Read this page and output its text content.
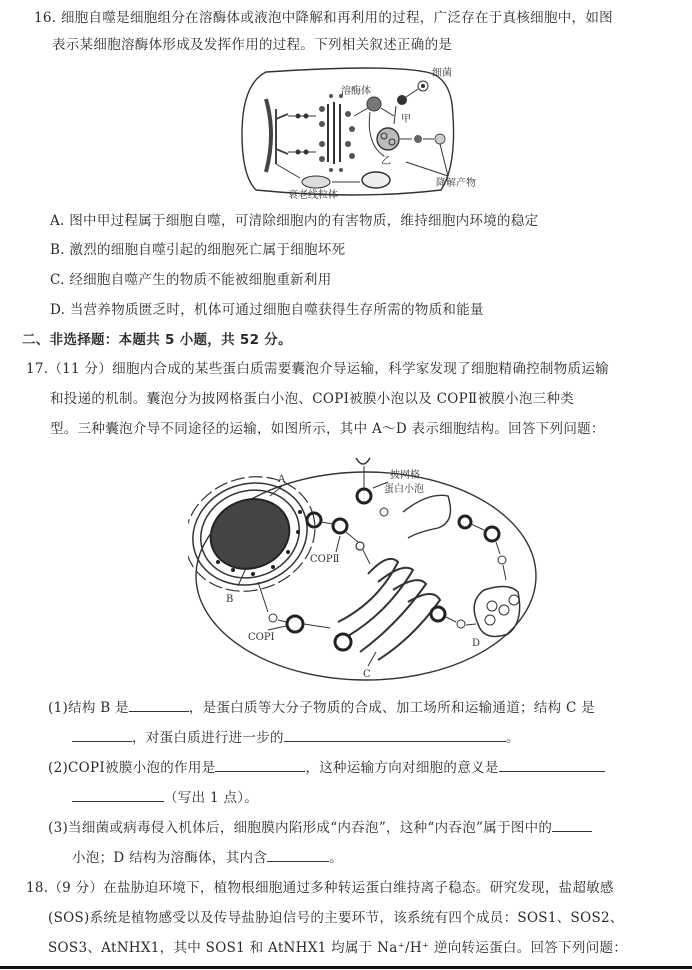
16. 细胞自噬是细胞组分在溶酶体或液泡中降解和再利用的过程，广泛存在于真核细胞中，如图
表示某细胞溶酶体形成及发挥作用的过程。下列相关叙述正确的是
溶酶体
细菌
甲
乙
衰老线粒体
降解产物
A. 图中甲过程属于细胞自噬，可清除细胞内的有害物质，维持细胞内环境的稳定
B. 激烈的细胞自噬引起的细胞死亡属于细胞坏死
C. 经细胞自噬产生的物质不能被细胞重新利用
D. 当营养物质匮乏时，机体可通过细胞自噬获得生存所需的物质和能量
二、非选择题：本题共 5 小题，共 52 分。
17.（11 分）细胞内合成的某些蛋白质需要囊泡介导运输，科学家发现了细胞精确控制物质运输
和投递的机制。囊泡分为披网格蛋白小泡、COPⅠ被膜小泡以及 COPⅡ被膜小泡三种类
型。三种囊泡介导不同途径的运输，如图所示，其中 A～D 表示细胞结构。回答下列问题：
A
B
C
D
COPⅡ
COPⅠ
披网格
蛋白小泡
(1)结构 B 是	，是蛋白质等大分子物质的合成、加工场所和运输通道；结构 C 是
，对蛋白质进行进一步的	。
(2)COPⅠ被膜小泡的作用是	，这种运输方向对细胞的意义是
（写出 1 点）。
(3)当细菌或病毒侵入机体后，细胞膜内陷形成“内吞泡”，这种“内吞泡”属于图中的
小泡；D 结构为溶酶体，其内含	。
18.（9 分）在盐胁迫环境下，植物根细胞通过多种转运蛋白维持离子稳态。研究发现，盐超敏感
(SOS)系统是植物感受以及传导盐胁迫信号的主要环节，该系统有四个成员：SOS1、SOS2、
SOS3、AtNHX1，其中 SOS1 和 AtNHX1 均属于 Na⁺/H⁺ 逆向转运蛋白。回答下列问题：
